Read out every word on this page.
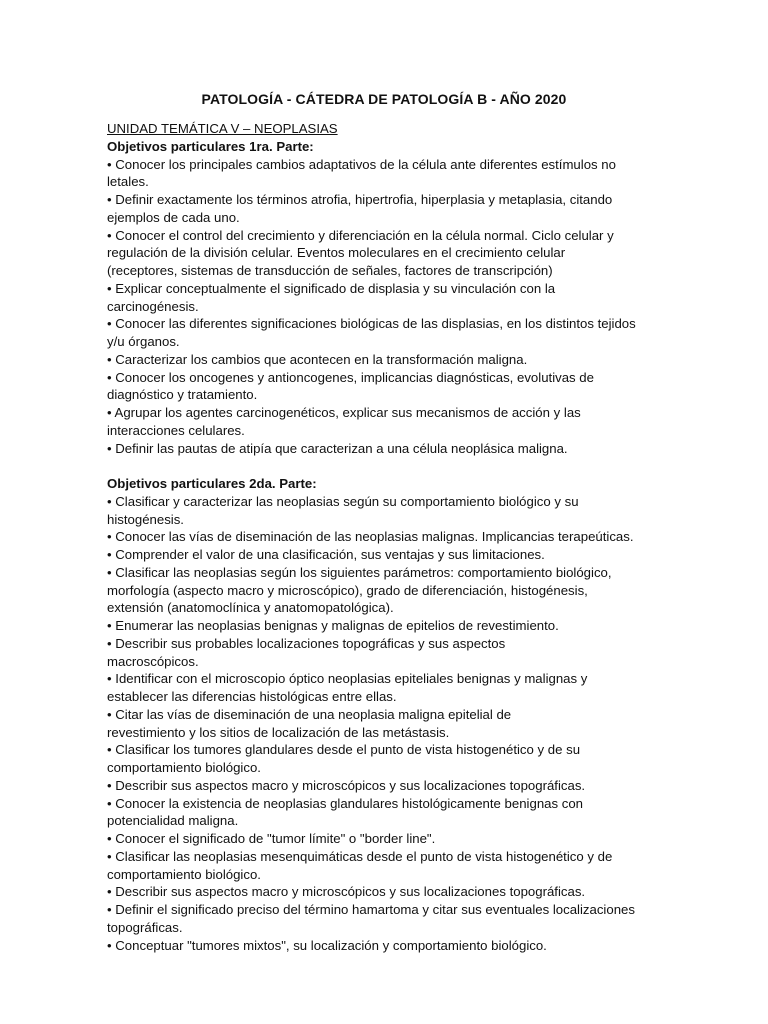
PATOLOGÍA - CÁTEDRA DE PATOLOGÍA B - AÑO 2020

UNIDAD TEMÁTICA V – NEOPLASIAS

Objetivos particulares 1ra. Parte:

• Conocer los principales cambios adaptativos de la célula ante diferentes estímulos no

letales.

• Definir exactamente los términos atrofia, hipertrofia, hiperplasia y metaplasia, citando

ejemplos de cada uno.

• Conocer el control del crecimiento y diferenciación en la célula normal. Ciclo celular y

regulación de la división celular. Eventos moleculares en el crecimiento celular

(receptores, sistemas de transducción de señales, factores de transcripción)

• Explicar conceptualmente el significado de displasia y su vinculación con la

carcinogénesis.

• Conocer las diferentes significaciones biológicas de las displasias, en los distintos tejidos

y/u órganos.

• Caracterizar los cambios que acontecen en la transformación maligna.

• Conocer los oncogenes y antioncogenes, implicancias diagnósticas, evolutivas de

diagnóstico y tratamiento.

• Agrupar los agentes carcinogenéticos, explicar sus mecanismos de acción y las

interacciones celulares.

• Definir las pautas de atipía que caracterizan a una célula neoplásica maligna.

Objetivos particulares 2da. Parte:

• Clasificar y caracterizar las neoplasias según su comportamiento biológico y su

histogénesis.

• Conocer las vías de diseminación de las neoplasias malignas. Implicancias terapeúticas.

• Comprender el valor de una clasificación, sus ventajas y sus limitaciones.

• Clasificar las neoplasias según los siguientes parámetros: comportamiento biológico,

morfología (aspecto macro y microscópico), grado de diferenciación, histogénesis,

extensión (anatomoclínica y anatomopatológica).

• Enumerar las neoplasias benignas y malignas de epitelios de revestimiento.

• Describir sus probables localizaciones topográficas y sus aspectos

macroscópicos.

• Identificar con el microscopio óptico neoplasias epiteliales benignas y malignas y

establecer las diferencias histológicas entre ellas.

• Citar las vías de diseminación de una neoplasia maligna epitelial de

revestimiento y los sitios de localización de las metástasis.

• Clasificar los tumores glandulares desde el punto de vista histogenético y de su

comportamiento biológico.

• Describir sus aspectos macro y microscópicos y sus localizaciones topográficas.

• Conocer la existencia de neoplasias glandulares histológicamente benignas con

potencialidad maligna.

• Conocer el significado de "tumor límite" o "border line".

• Clasificar las neoplasias mesenquimáticas desde el punto de vista histogenético y de

comportamiento biológico.

• Describir sus aspectos macro y microscópicos y sus localizaciones topográficas.

• Definir el significado preciso del término hamartoma y citar sus eventuales localizaciones

topográficas.

• Conceptuar "tumores mixtos", su localización y comportamiento biológico.
